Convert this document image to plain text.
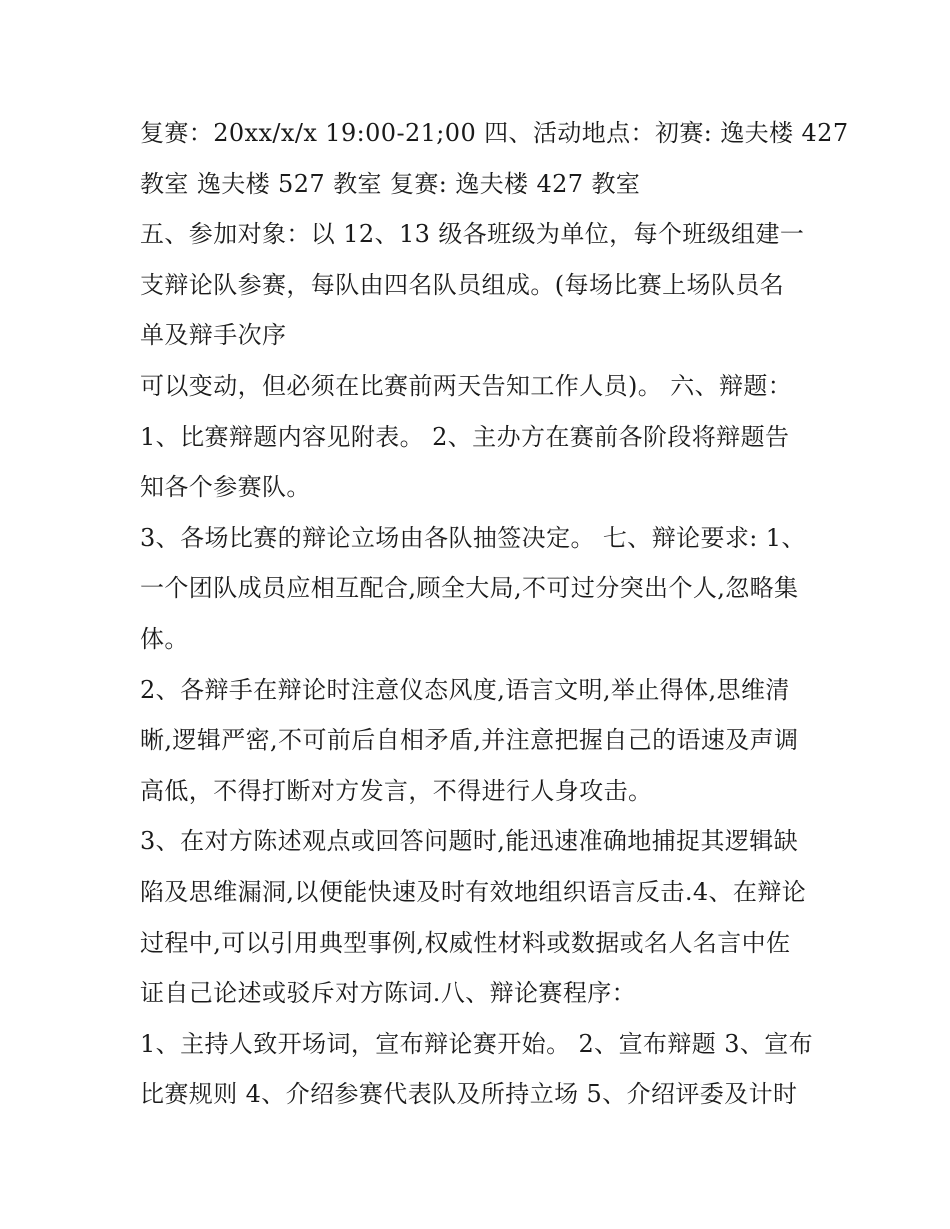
复赛：20xx/x/x 19:00-21;00 四、活动地点：初赛: 逸夫楼 427
教室 逸夫楼 527 教室 复赛: 逸夫楼 427 教室
五、参加对象：以 12、13 级各班级为单位，每个班级组建一
支辩论队参赛，每队由四名队员组成。(每场比赛上场队员名
单及辩手次序
可以变动，但必须在比赛前两天告知工作人员)。 六、辩题：
1、比赛辩题内容见附表。 2、主办方在赛前各阶段将辩题告
知各个参赛队。
3、各场比赛的辩论立场由各队抽签决定。 七、辩论要求: 1、
一个团队成员应相互配合,顾全大局,不可过分突出个人,忽略集
体。
2、各辩手在辩论时注意仪态风度,语言文明,举止得体,思维清
晰,逻辑严密,不可前后自相矛盾,并注意把握自己的语速及声调
高低，不得打断对方发言，不得进行人身攻击。
3、在对方陈述观点或回答问题时,能迅速准确地捕捉其逻辑缺
陷及思维漏洞,以便能快速及时有效地组织语言反击.4、在辩论
过程中,可以引用典型事例,权威性材料或数据或名人名言中佐
证自己论述或驳斥对方陈词.八、辩论赛程序：
1、主持人致开场词，宣布辩论赛开始。 2、宣布辩题 3、宣布
比赛规则 4、介绍参赛代表队及所持立场 5、介绍评委及计时
